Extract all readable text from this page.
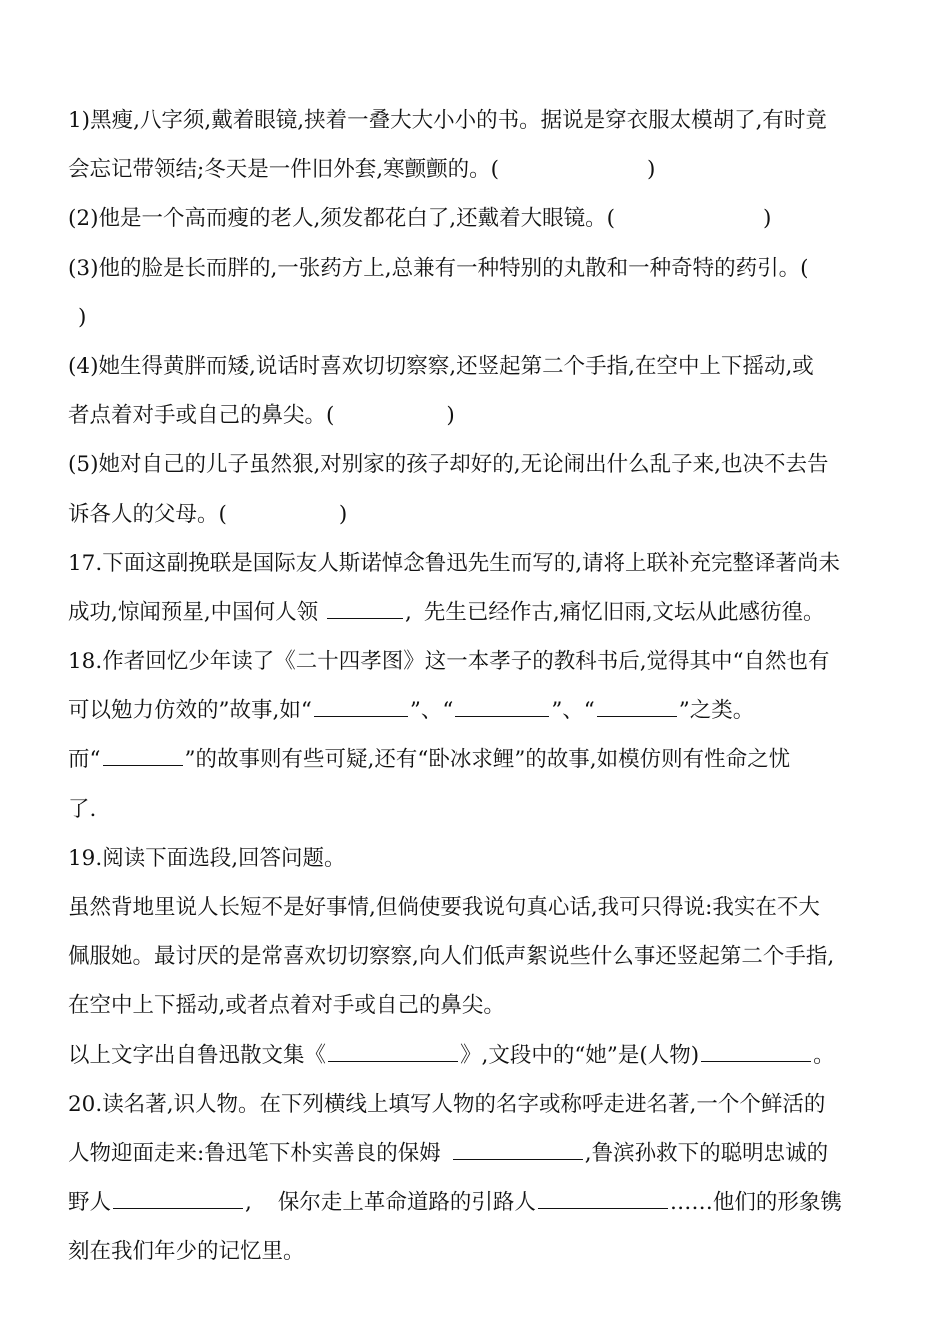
1)黑瘦,八字须,戴着眼镜,挟着一叠大大小小的书。据说是穿衣服太模胡了,有时竟
会忘记带领结;冬天是一件旧外套,寒颤颤的。(	)
(2)他是一个高而瘦的老人,须发都花白了,还戴着大眼镜。(	)
(3)他的脸是长而胖的,一张药方上,总兼有一种特别的丸散和一种奇特的药引。(
)
(4)她生得黄胖而矮,说话时喜欢切切察察,还竖起第二个手指,在空中上下摇动,或
者点着对手或自己的鼻尖。(	)
(5)她对自己的儿子虽然狠,对别家的孩子却好的,无论闹出什么乱子来,也决不去告
诉各人的父母。(	)
17.下面这副挽联是国际友人斯诺悼念鲁迅先生而写的,请将上联补充完整译著尚未
成功,惊闻预星,中国何人领	, 先生已经作古,痛忆旧雨,文坛从此感彷徨。
18.作者回忆少年读了《二十四孝图》这一本孝子的教科书后,觉得其中“自然也有
可以勉力仿效的”故事,如“	”、“	”、“	”之类。
而“	”的故事则有些可疑,还有“卧冰求鲤”的故事,如模仿则有性命之忧
了.
19.阅读下面选段,回答问题。
虽然背地里说人长短不是好事情,但倘使要我说句真心话,我可只得说:我实在不大
佩服她。最讨厌的是常喜欢切切察察,向人们低声絮说些什么事还竖起第二个手指,
在空中上下摇动,或者点着对手或自己的鼻尖。
以上文字出自鲁迅散文集《	》,文段中的“她”是(人物)	。
20.读名著,识人物。在下列横线上填写人物的名字或称呼走进名著,一个个鲜活的
人物迎面走来:鲁迅笔下朴实善良的保姆	,鲁滨孙救下的聪明忠诚的
野人	, 保尔走上革命道路的引路人	……他们的形象镌
刻在我们年少的记忆里。
